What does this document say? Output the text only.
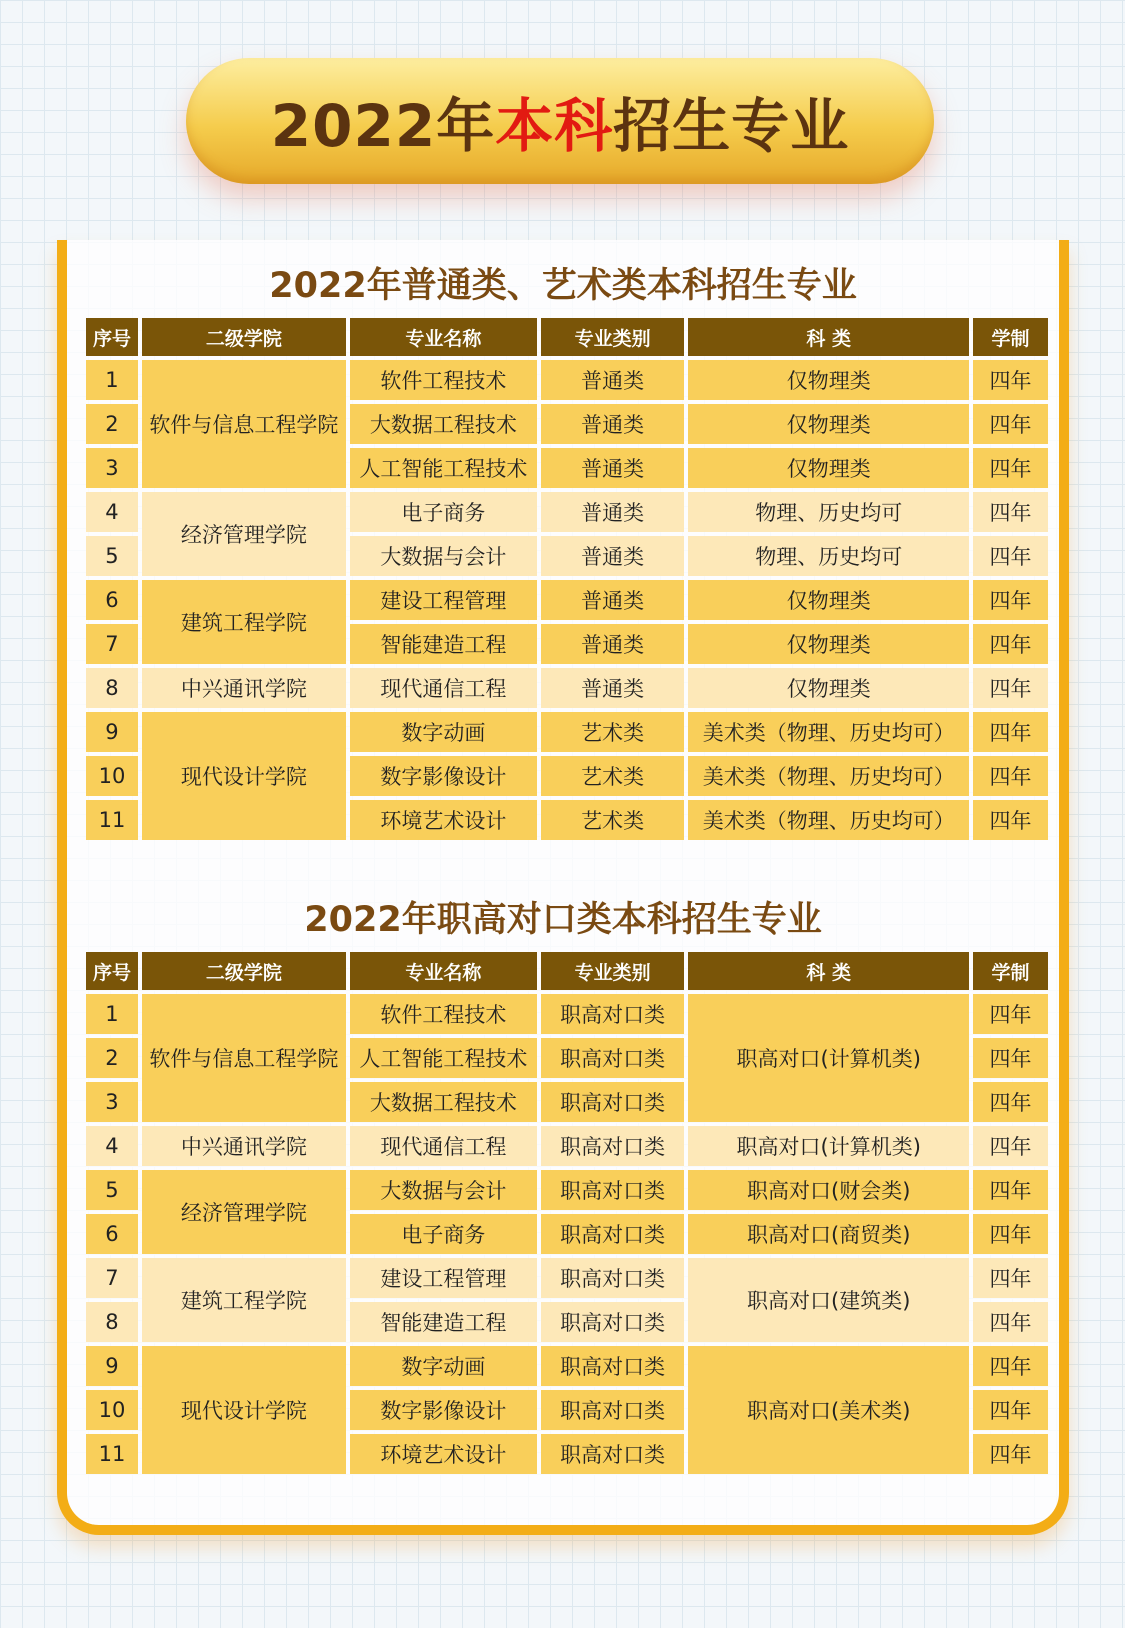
2022年 本科 招生专业
2022年普通类、艺术类本科招生专业
序号	二级学院	专业名称	专业类别	科 类	学制
1	软件与信息工程学院	软件工程技术	普通类	仅物理类	四年
2		大数据工程技术	普通类	仅物理类	四年
3		人工智能工程技术	普通类	仅物理类	四年
4	经济管理学院	电子商务	普通类	物理、历史均可	四年
5		大数据与会计	普通类	物理、历史均可	四年
6	建筑工程学院	建设工程管理	普通类	仅物理类	四年
7		智能建造工程	普通类	仅物理类	四年
8	中兴通讯学院	现代通信工程	普通类	仅物理类	四年
9	现代设计学院	数字动画	艺术类	美术类（物理、历史均可）	四年
10		数字影像设计	艺术类	美术类（物理、历史均可）	四年
11		环境艺术设计	艺术类	美术类（物理、历史均可）	四年
2022年职高对口类本科招生专业
序号	二级学院	专业名称	专业类别	科 类	学制
1	软件与信息工程学院	软件工程技术	职高对口类	职高对口(计算机类)	四年
2		人工智能工程技术	职高对口类		四年
3		大数据工程技术	职高对口类		四年
4	中兴通讯学院	现代通信工程	职高对口类	职高对口(计算机类)	四年
5	经济管理学院	大数据与会计	职高对口类	职高对口(财会类)	四年
6		电子商务	职高对口类	职高对口(商贸类)	四年
7	建筑工程学院	建设工程管理	职高对口类	职高对口(建筑类)	四年
8		智能建造工程	职高对口类		四年
9	现代设计学院	数字动画	职高对口类	职高对口(美术类)	四年
10		数字影像设计	职高对口类		四年
11		环境艺术设计	职高对口类		四年
